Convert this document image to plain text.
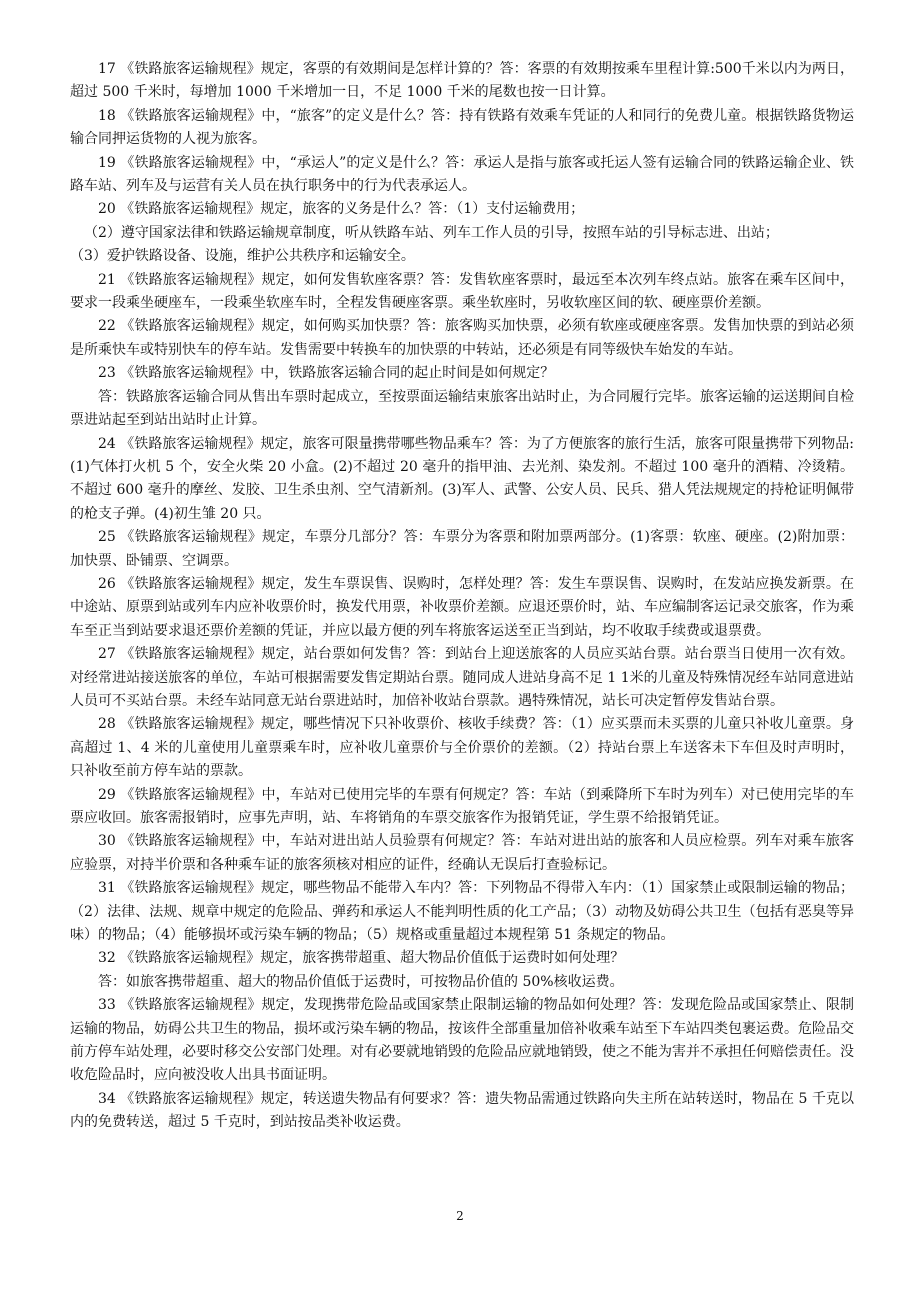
17 《铁路旅客运输规程》规定，客票的有效期间是怎样计算的？答：客票的有效期按乘车里程计算:500千米以内为两日，超过 500 千米时，每增加 1000 千米增加一日，不足 1000 千米的尾数也按一日计算。

18 《铁路旅客运输规程》中，“旅客”的定义是什么？答：持有铁路有效乘车凭证的人和同行的免费儿童。根据铁路货物运输合同押运货物的人视为旅客。

19 《铁路旅客运输规程》中，“承运人”的定义是什么？答：承运人是指与旅客或托运人签有运输合同的铁路运输企业、铁路车站、列车及与运营有关人员在执行职务中的行为代表承运人。

20 《铁路旅客运输规程》规定，旅客的义务是什么？答：（1）支付运输费用；

（2）遵守国家法律和铁路运输规章制度，听从铁路车站、列车工作人员的引导，按照车站的引导标志进、出站；

（3）爱护铁路设备、设施，维护公共秩序和运输安全。

21 《铁路旅客运输规程》规定，如何发售软座客票？答：发售软座客票时，最远至本次列车终点站。旅客在乘车区间中，要求一段乘坐硬座车，一段乘坐软座车时，全程发售硬座客票。乘坐软座时，另收软座区间的软、硬座票价差额。

22 《铁路旅客运输规程》规定，如何购买加快票？答：旅客购买加快票，必须有软座或硬座客票。发售加快票的到站必须是所乘快车或特别快车的停车站。发售需要中转换车的加快票的中转站，还必须是有同等级快车始发的车站。

23 《铁路旅客运输规程》中，铁路旅客运输合同的起止时间是如何规定？

答：铁路旅客运输合同从售出车票时起成立，至按票面运输结束旅客出站时止，为合同履行完毕。旅客运输的运送期间自检票进站起至到站出站时止计算。

24 《铁路旅客运输规程》规定，旅客可限量携带哪些物品乘车？答：为了方便旅客的旅行生活，旅客可限量携带下列物品:(1)气体打火机 5 个，安全火柴 20 小盒。(2)不超过 20 毫升的指甲油、去光剂、染发剂。不超过 100 毫升的酒精、冷烫精。不超过 600 毫升的摩丝、发胶、卫生杀虫剂、空气清新剂。(3)军人、武警、公安人员、民兵、猎人凭法规规定的持枪证明佩带的枪支子弹。(4)初生雏 20 只。

25 《铁路旅客运输规程》规定，车票分几部分？答：车票分为客票和附加票两部分。(1)客票：软座、硬座。(2)附加票：加快票、卧铺票、空调票。

26 《铁路旅客运输规程》规定，发生车票误售、误购时，怎样处理？答：发生车票误售、误购时，在发站应换发新票。在中途站、原票到站或列车内应补收票价时，换发代用票，补收票价差额。应退还票价时，站、车应编制客运记录交旅客，作为乘车至正当到站要求退还票价差额的凭证，并应以最方便的列车将旅客运送至正当到站，均不收取手续费或退票费。

27 《铁路旅客运输规程》规定，站台票如何发售？答：到站台上迎送旅客的人员应买站台票。站台票当日使用一次有效。对经常进站接送旅客的单位，车站可根据需要发售定期站台票。随同成人进站身高不足 1 1米的儿童及特殊情况经车站同意进站人员可不买站台票。未经车站同意无站台票进站时，加倍补收站台票款。遇特殊情况，站长可决定暂停发售站台票。

28 《铁路旅客运输规程》规定，哪些情况下只补收票价、核收手续费？答：（1）应买票而未买票的儿童只补收儿童票。身高超过 1、4 米的儿童使用儿童票乘车时，应补收儿童票价与全价票价的差额。（2）持站台票上车送客未下车但及时声明时，只补收至前方停车站的票款。

29 《铁路旅客运输规程》中，车站对已使用完毕的车票有何规定？答：车站（到乘降所下车时为列车）对已使用完毕的车票应收回。旅客需报销时，应事先声明，站、车将销角的车票交旅客作为报销凭证，学生票不给报销凭证。

30 《铁路旅客运输规程》中，车站对进出站人员验票有何规定？答：车站对进出站的旅客和人员应检票。列车对乘车旅客应验票，对持半价票和各种乘车证的旅客须核对相应的证件，经确认无误后打查验标记。

31 《铁路旅客运输规程》规定，哪些物品不能带入车内？答：下列物品不得带入车内：（1）国家禁止或限制运输的物品；（2）法律、法规、规章中规定的危险品、弹药和承运人不能判明性质的化工产品；（3）动物及妨碍公共卫生（包括有恶臭等异味）的物品；（4）能够损坏或污染车辆的物品；（5）规格或重量超过本规程第 51 条规定的物品。

32 《铁路旅客运输规程》规定，旅客携带超重、超大物品价值低于运费时如何处理？

答：如旅客携带超重、超大的物品价值低于运费时，可按物品价值的 50%核收运费。

33 《铁路旅客运输规程》规定，发现携带危险品或国家禁止限制运输的物品如何处理？答：发现危险品或国家禁止、限制运输的物品，妨碍公共卫生的物品，损坏或污染车辆的物品，按该件全部重量加倍补收乘车站至下车站四类包裹运费。危险品交前方停车站处理，必要时移交公安部门处理。对有必要就地销毁的危险品应就地销毁，使之不能为害并不承担任何赔偿责任。没收危险品时，应向被没收人出具书面证明。

34 《铁路旅客运输规程》规定，转送遗失物品有何要求？答：遗失物品需通过铁路向失主所在站转送时，物品在 5 千克以内的免费转送，超过 5 千克时，到站按品类补收运费。

2
